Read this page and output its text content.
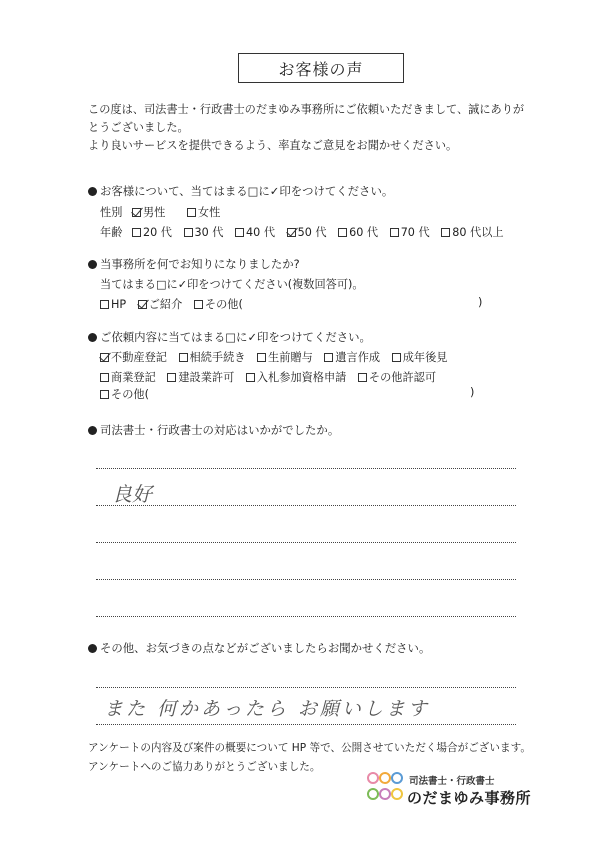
お客様の声

この度は、司法書士・行政書士のだまゆみ事務所にご依頼いただきまして、誠にありが

とうございました。

より良いサービスを提供できるよう、率直なご意見をお聞かせください。

お客様について、当てはまる□に✓印をつけてください。
性別 男性	女性
年齢 20 代 30 代 40 代 50 代 60 代 70 代 80 代以上
当事務所を何でお知りになりましたか?
当てはまる□に✓印をつけてください(複数回答可)。
HP ご紹介 その他(	)
ご依頼内容に当てはまる□に✓印をつけてください。
不動産登記 相続手続き 生前贈与 遺言作成 成年後見
商業登記 建設業許可 入札参加資格申請 その他許認可
その他(	)
司法書士・行政書士の対応はいかがでしたか。
良好
その他、お気づきの点などがございましたらお聞かせください。
また 何かあったら お願いします
アンケートの内容及び案件の概要について HP 等で、公開させていただく場合がございます。
アンケートへのご協力ありがとうございました。
司法書士・行政書士
のだまゆみ事務所
